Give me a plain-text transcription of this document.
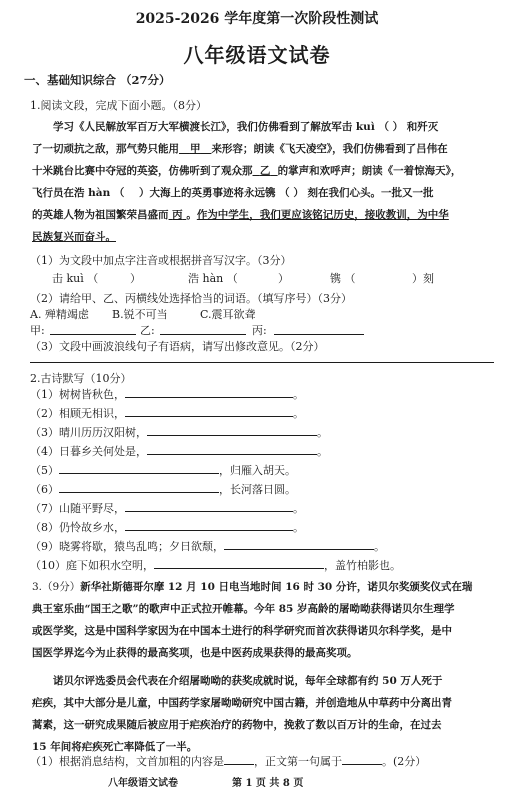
2025-2026 学年度第一次阶段性测试
八年级语文试卷
一、基础知识综合 （27分）
1.阅读文段，完成下面小题。（8分）
学习《人民解放军百万大军横渡长江》，我们仿佛看到了解放军击 kuì （ ） 和歼灭
了一切顽抗之敌，那气势只能用 甲 来形容；朗读《飞天凌空》，我们仿佛看到了吕伟在
十米跳台比赛中夺冠的英姿，仿佛听到了观众那 乙 的掌声和欢呼声；朗读《一着惊海天》，
飞行员在浩 hàn （ ）大海上的英勇事迹将永远镌 （ ） 刻在我们心头。一批又一批
的英雄人物为祖国繁荣昌盛而 丙 。作为中学生，我们更应该铭记历史，接收教训，为中华
民族复兴而奋斗。
（1）为文段中加点字注音或根据拼音写汉字。（3分）
击 kuì （	）	浩 hàn （	）	镌 （	）刻
（2）请给甲、乙、丙横线处选择恰当的词语。（填写序号）（3分）
A. 殚精竭虑 B.锐不可当	C.震耳欲聋
甲:	乙:	丙:
（3）文段中画波浪线句子有语病，请写出修改意见。（2分）
2.古诗默写（10分）
（1）树树皆秋色，	。
（2）相顾无相识，	。
（3）晴川历历汉阳树，	。
（4）日暮乡关何处是，	。
（5）	，归雁入胡天。
（6）	，长河落日圆。
（7）山随平野尽，	。
（8）仍怜故乡水，	。
（9）晓雾将歇，猿鸟乱鸣；夕日欲颓，	。
（10）庭下如积水空明，	，盖竹柏影也。
3.（9分）新华社斯德哥尔摩 12 月 10 日电当地时间 16 时 30 分许，诺贝尔奖颁奖仪式在瑞
典王室乐曲“国王之歌”的歌声中正式拉开帷幕。今年 85 岁高龄的屠呦呦获得诺贝尔生理学
或医学奖，这是中国科学家因为在中国本土进行的科学研究而首次获得诺贝尔科学奖，是中
国医学界迄今为止获得的最高奖项，也是中医药成果获得的最高奖项。
诺贝尔评选委员会代表在介绍屠呦呦的获奖成就时说，每年全球都有约 50 万人死于
疟疾，其中大部分是儿童，中国药学家屠呦呦研究中国古籍，并创造地从中草药中分离出青
蒿素，这一研究成果随后被应用于疟疾治疗的药物中，挽救了数以百万计的生命，在过去
15 年间将疟疾死亡率降低了一半。
（1）根据消息结构，文首加粗的内容是	，正文第一句属于	。(2分）
八年级语文试卷	第 1 页 共 8 页
